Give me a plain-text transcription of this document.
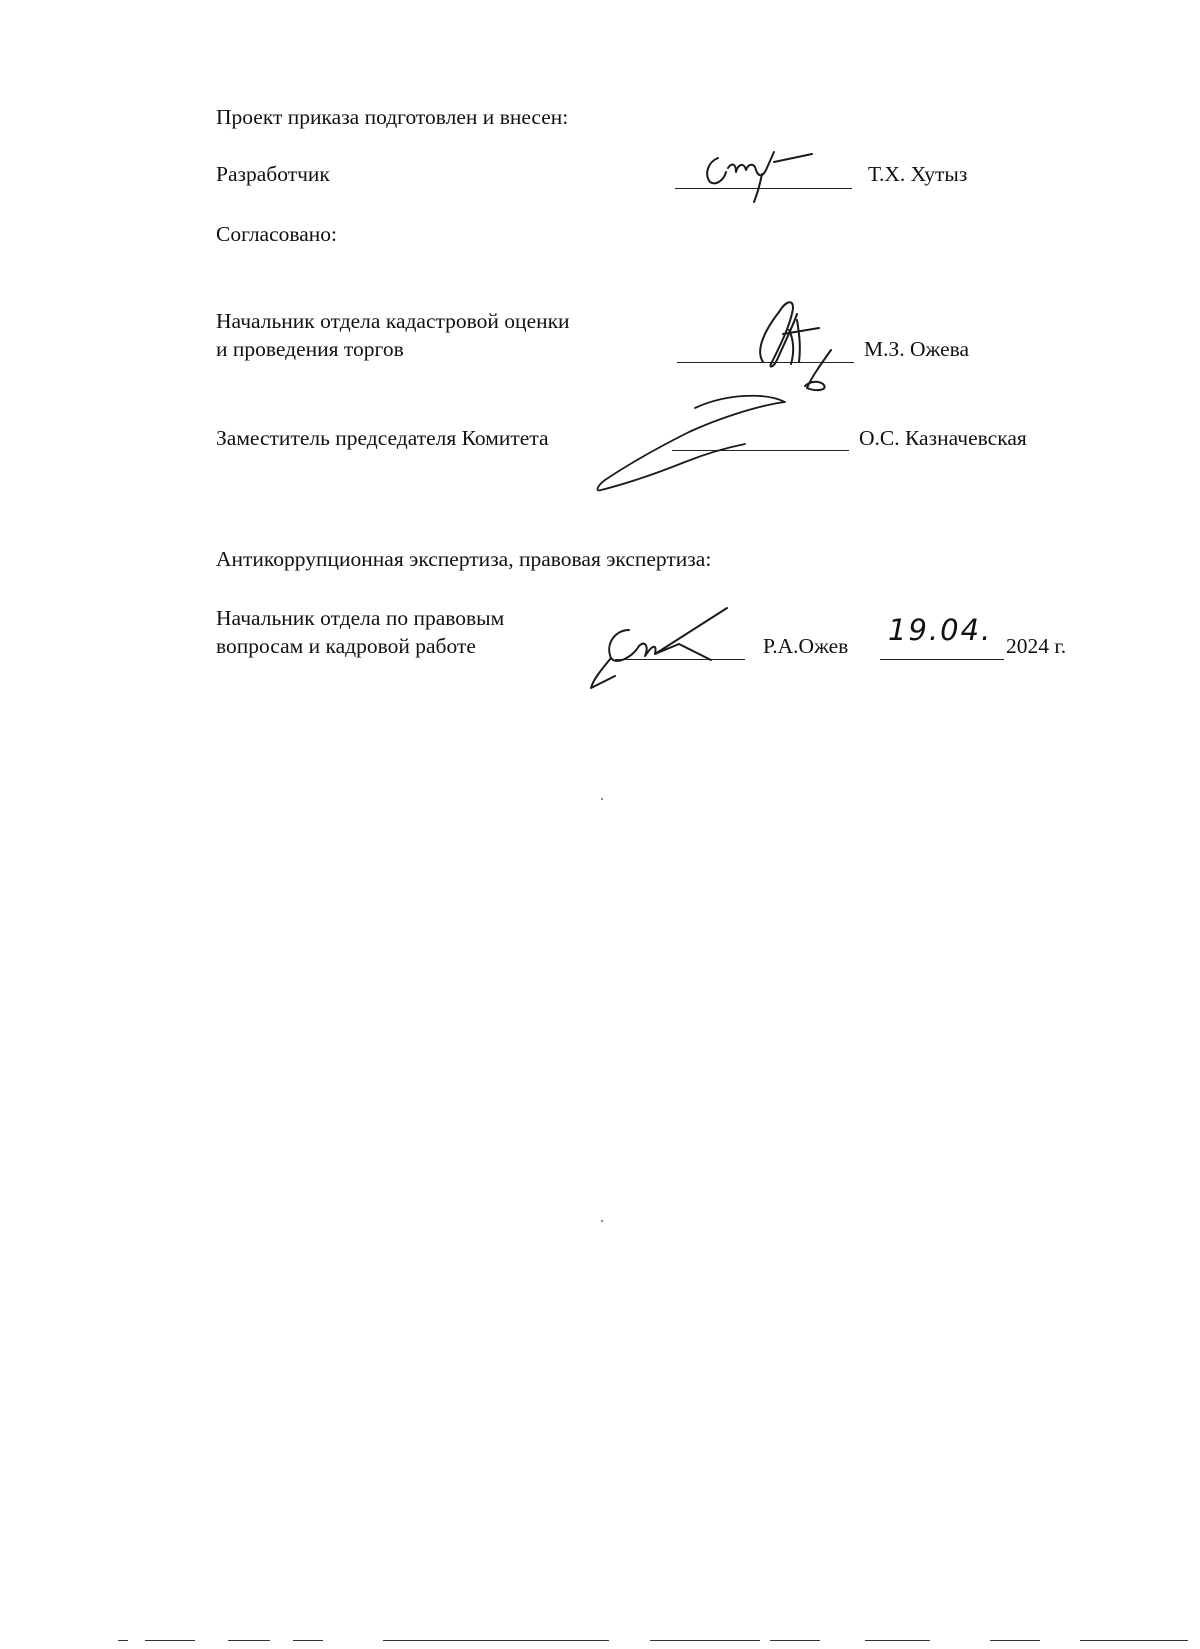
Проект приказа подготовлен и внесен:
Разработчик	Т.Х. Хутыз
Согласовано:
Начальник отдела кадастровой оценки
и проведения торгов	М.З. Ожева
Заместитель председателя Комитета	О.С. Казначевская
Антикоррупционная экспертиза, правовая экспертиза:
Начальник отдела по правовым
вопросам и кадровой работе	Р.А.Ожев 19.04. 2024 г.
